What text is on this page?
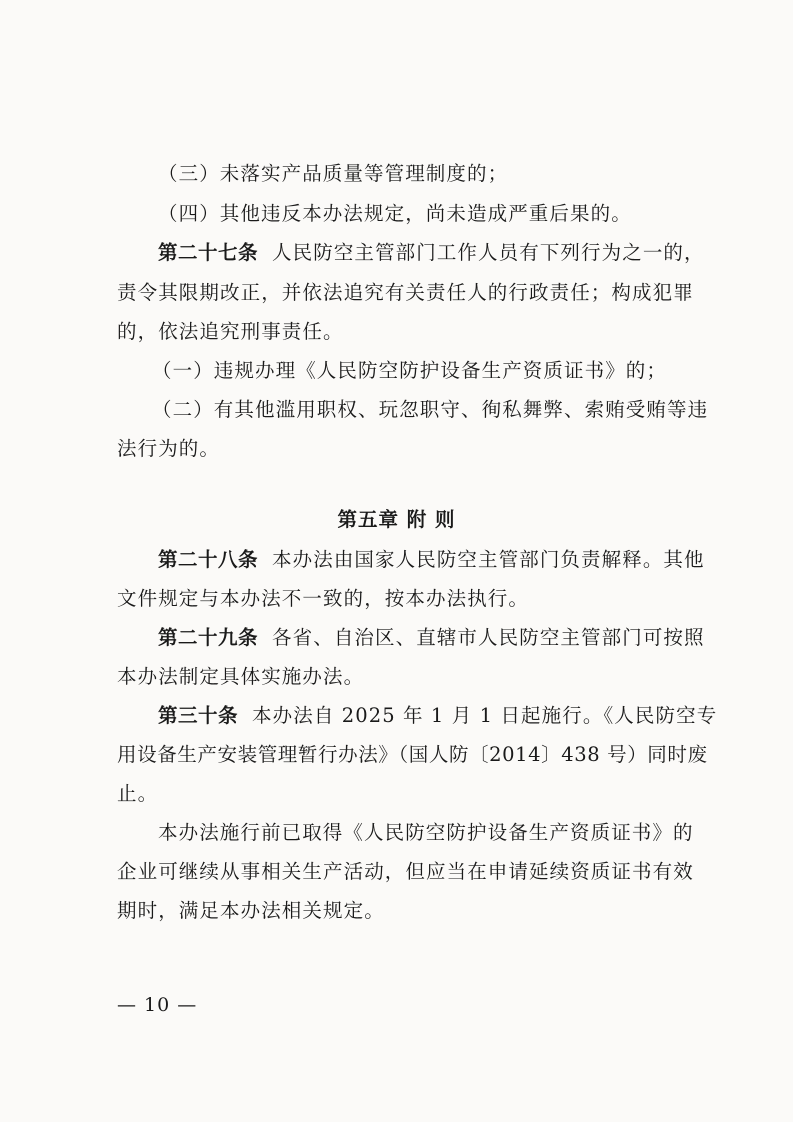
（三）未落实产品质量等管理制度的；
（四）其他违反本办法规定，尚未造成严重后果的。
第二十七条 人民防空主管部门工作人员有下列行为之一的，
责令其限期改正，并依法追究有关责任人的行政责任；构成犯罪
的，依法追究刑事责任。
（一）违规办理《人民防空防护设备生产资质证书》的；
（二）有其他滥用职权、玩忽职守、徇私舞弊、索贿受贿等违
法行为的。
第五章 附 则
第二十八条 本办法由国家人民防空主管部门负责解释。其他
文件规定与本办法不一致的，按本办法执行。
第二十九条 各省、自治区、直辖市人民防空主管部门可按照
本办法制定具体实施办法。
第三十条 本办法自 2025 年 1 月 1 日起施行。《人民防空专
用设备生产安装管理暂行办法》（国人防〔2014〕438 号）同时废
止。
本办法施行前已取得《人民防空防护设备生产资质证书》的
企业可继续从事相关生产活动，但应当在申请延续资质证书有效
期时，满足本办法相关规定。
— 10 —
